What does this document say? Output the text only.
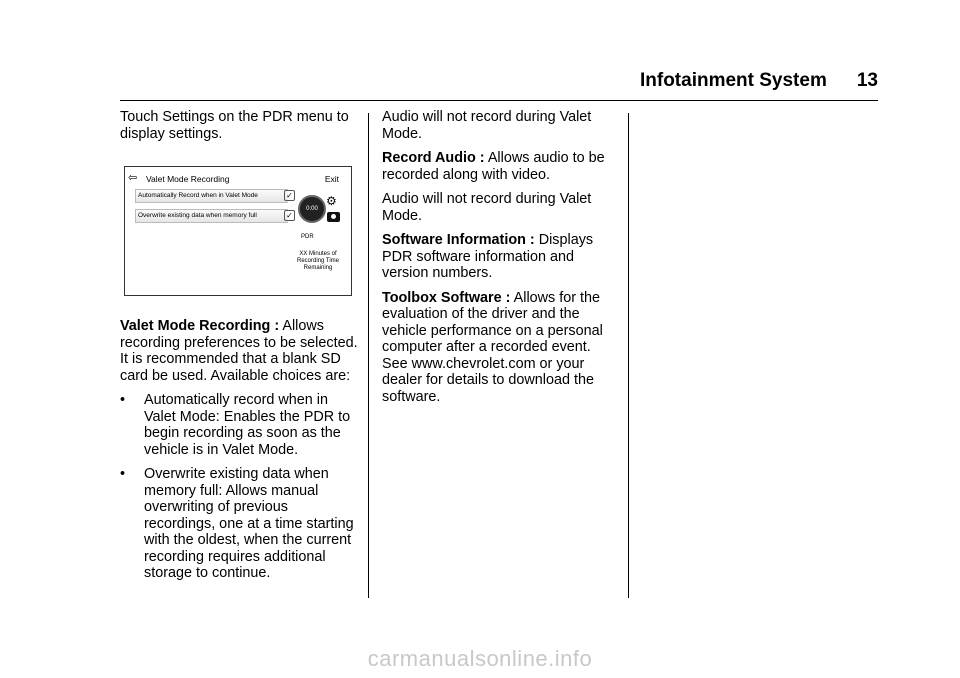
Infotainment System 13

Touch Settings on the PDR menu to display settings.

⇦ Valet Mode Recording	Exit
Automatically Record when in Valet Mode	✓
Overwrite existing data when memory full	✓
0:00
⚙
PDR
XX Minutes of Recording Time Remaining

Valet Mode Recording : Allows recording preferences to be selected. It is recommended that a blank SD card be used. Available choices are:

• Automatically record when in Valet Mode: Enables the PDR to begin recording as soon as the vehicle is in Valet Mode.
• Overwrite existing data when memory full: Allows manual overwriting of previous recordings, one at a time starting with the oldest, when the current recording requires additional storage to continue.

Audio will not record during Valet Mode.

Record Audio : Allows audio to be recorded along with video.

Audio will not record during Valet Mode.

Software Information : Displays PDR software information and version numbers.

Toolbox Software : Allows for the evaluation of the driver and the vehicle performance on a personal computer after a recorded event. See www.chevrolet.com or your dealer for details to download the software.

carmanualsonline.info
